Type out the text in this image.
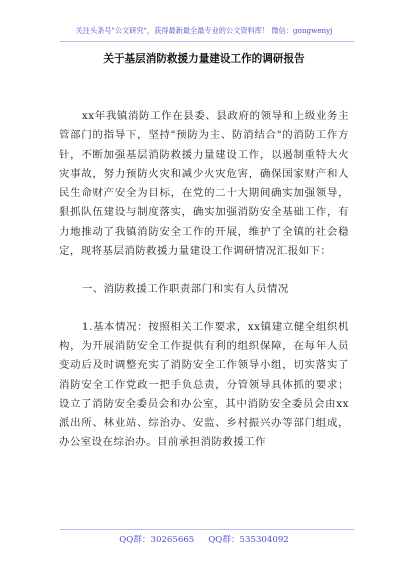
关注头条号"公文研究"，获得最新最全最专业的公文资料库！ 微信：gongwenyj
关于基层消防救援力量建设工作的调研报告

xx年我镇消防工作在县委、县政府的领导和上级业务主管部门的指导下，坚持"预防为主、防消结合"的消防工作方针，不断加强基层消防救援力量建设工作，以遏制重特大火灾事故，努力预防火灾和减少火灾危害，确保国家财产和人民生命财产安全为目标，在党的二十大期间确实加强领导，狠抓队伍建设与制度落实，确实加强消防安全基础工作，有力地推动了我镇消防安全工作的开展，维护了全镇的社会稳定，现将基层消防救援力量建设工作调研情况汇报如下：

一、消防救援工作职责部门和实有人员情况

1.基本情况：按照相关工作要求，xx镇建立健全组织机构，为开展消防安全工作提供有利的组织保障，在每年人员变动后及时调整充实了消防安全工作领导小组，切实落实了消防安全工作党政一把手负总责，分管领导具体抓的要求；设立了消防安全委员会和办公室，其中消防安全委员会由xx派出所、林业站、综治办、安监、乡村振兴办等部门组成，办公室设在综治办。目前承担消防救援工作

QQ群：30265665 QQ群：535304092
